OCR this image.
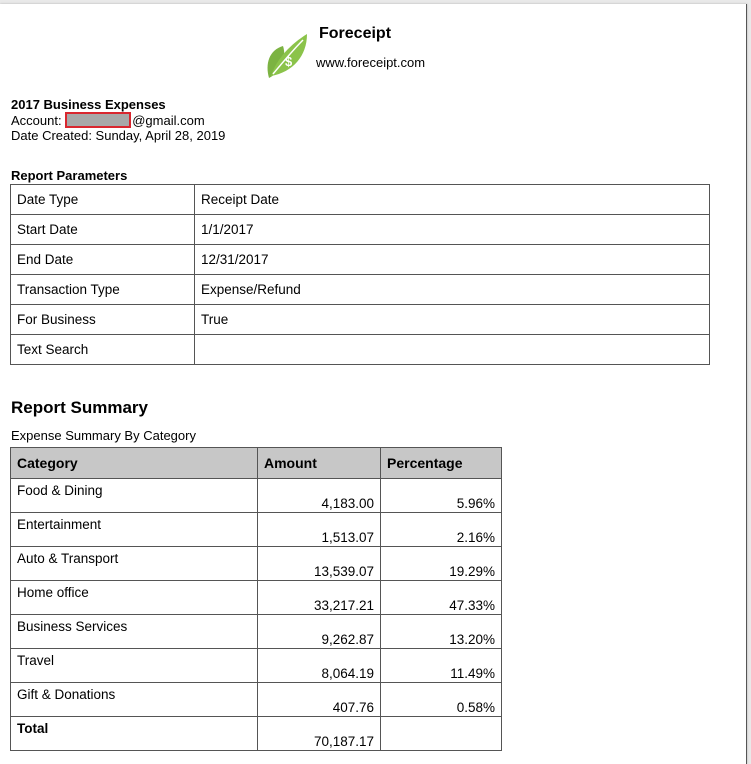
$
Foreceipt
www.foreceipt.com
2017 Business Expenses
Account:	@gmail.com
Date Created: Sunday, April 28, 2019
Report Parameters
Date Type	Receipt Date
Start Date	1/1/2017
End Date	12/31/2017
Transaction Type	Expense/Refund
For Business	True
Text Search	
Report Summary
Expense Summary By Category
Category	Amount	Percentage
Food & Dining	4,183.00	5.96%
Entertainment	1,513.07	2.16%
Auto & Transport	13,539.07	19.29%
Home office	33,217.21	47.33%
Business Services	9,262.87	13.20%
Travel	8,064.19	11.49%
Gift & Donations	407.76	0.58%
Total	70,187.17	
